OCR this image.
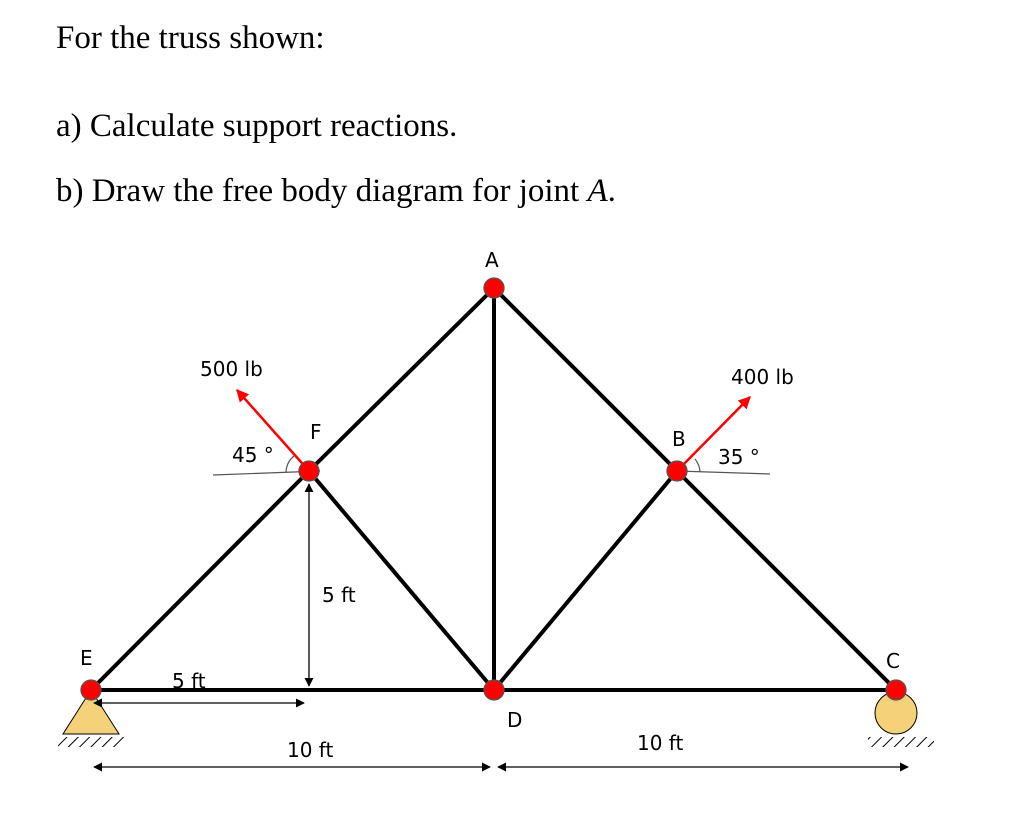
For the truss shown:
a) Calculate support reactions.
b) Draw the free body diagram for joint A.
A
F	B
E	C
D
500 lb
45 °
400 lb
35 °
5 ft
5 ft
10 ft	10 ft
